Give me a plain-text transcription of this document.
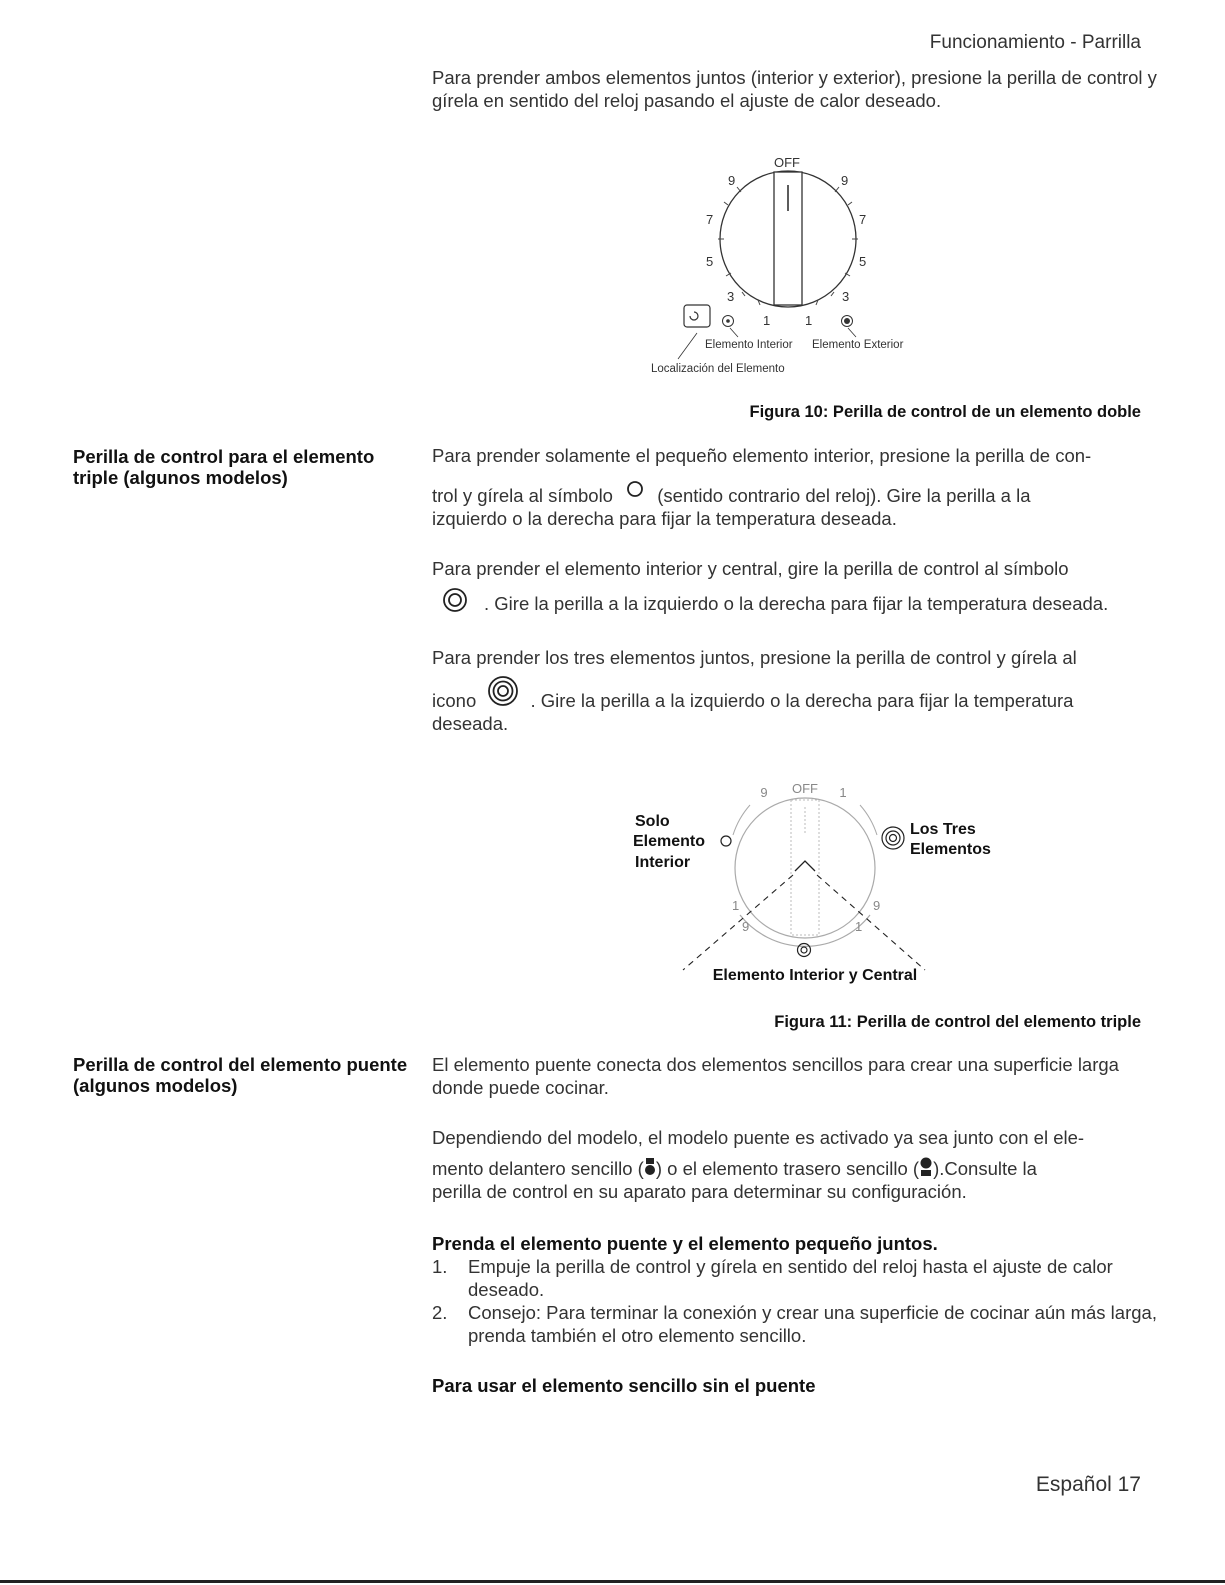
Funcionamiento - Parrilla
Para prender ambos elementos juntos (interior y exterior), presione la perilla de control y gírela en sentido del reloj pasando el ajuste de calor deseado.
OFF
9
7
5
3
1
9
7
5
3
1
Elemento Interior Elemento Exterior
Localización del Elemento
Figura 10: Perilla de control de un elemento doble
Perilla de control para el elemento triple (algunos modelos)
Para prender solamente el pequeño elemento interior, presione la perilla de con-
trol y gírela al símbolo (sentido contrario del reloj). Gire la perilla a la
izquierdo o la derecha para fijar la temperatura deseada.
Para prender el elemento interior y central, gire la perilla de control al símbolo
. Gire la perilla a la izquierdo o la derecha para fijar la temperatura deseada.
Para prender los tres elementos juntos, presione la perilla de control y gírela al
icono	. Gire la perilla a la izquierdo o la derecha para fijar la temperatura
deseada.
OFF
9	1
1
9
9
1
Solo
Elemento
Interior
Los Tres
Elementos
Elemento Interior y Central
Figura 11: Perilla de control del elemento triple
Perilla de control del elemento puente (algunos modelos)
El elemento puente conecta dos elementos sencillos para crear una superficie larga donde puede cocinar.
Dependiendo del modelo, el modelo puente es activado ya sea junto con el ele-
mento delantero sencillo ( ) o el elemento trasero sencillo ( ).Consulte la
perilla de control en su aparato para determinar su configuración.
Prenda el elemento puente y el elemento pequeño juntos.
1. Empuje la perilla de control y gírela en sentido del reloj hasta el ajuste de calor deseado.
2. Consejo: Para terminar la conexión y crear una superficie de cocinar aún más larga, prenda también el otro elemento sencillo.
Para usar el elemento sencillo sin el puente
Español 17
